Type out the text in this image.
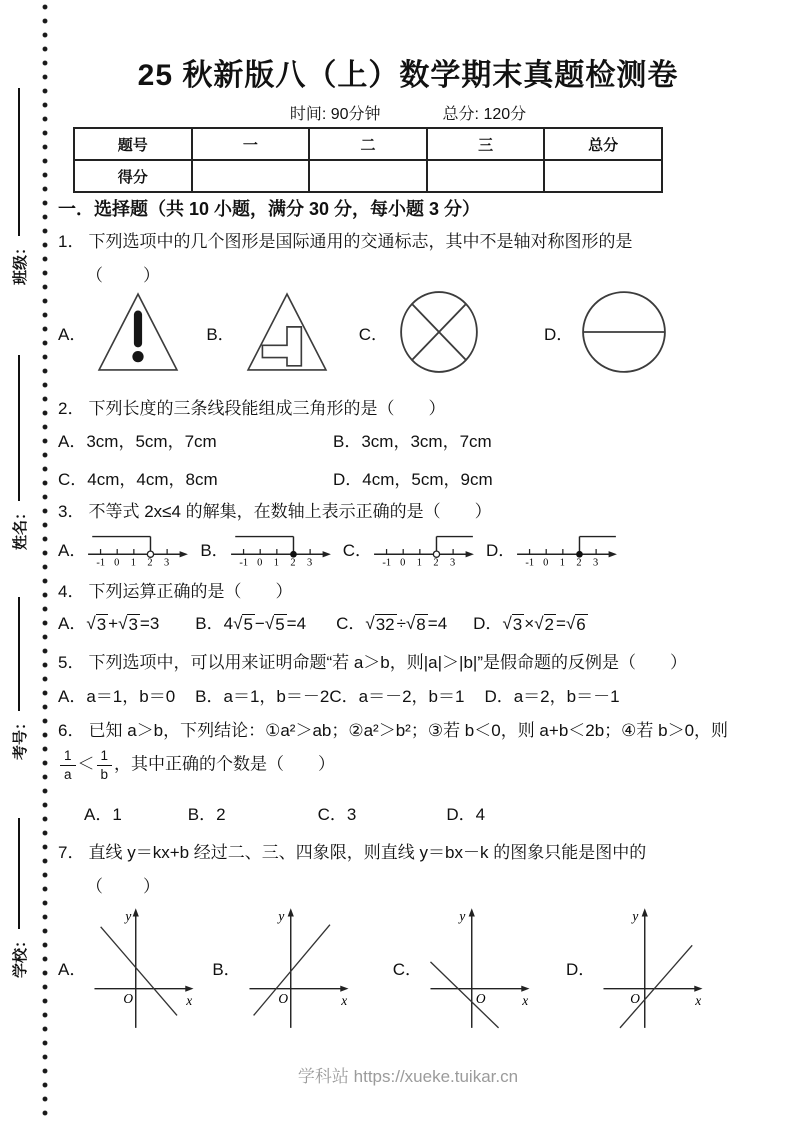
班级：
姓名：
考号：
学校：
25 秋新版八（上）数学期末真题检测卷
时间: 90分钟	总分: 120分
题号	一	二	三	总分
得分				
一．选择题（共 10 小题，满分 30 分，每小题 3 分）
1． 下列选项中的几个图形是国际通用的交通标志，其中不是轴对称图形的是
（　　）
A．	B．	C．	D．
2． 下列长度的三条线段能组成三角形的是（　　）
A．3cm，5cm，7cm	B．3cm，3cm，7cm
C．4cm，4cm，8cm	D．4cm，5cm，9cm
3． 不等式 2x≤4 的解集，在数轴上表示正确的是（　　）
A．
-1 0 1 2 3
B．
-1 0 1 2 3
C．
-1 0 1 2 3
D．
-1 0 1 2 3
4． 下列运算正确的是（　　）
A． √ 3 + √ 3 =3 B．4 √ 5 − √ 5 =4 C． √ 32 ÷ √ 8 =4 D． √ 3 × √ 2 = √ 6
5． 下列选项中，可以用来证明命题“若 a＞b，则|a|＞|b|”是假命题的反例是（　　）
A．a＝1，b＝0 B．a＝1，b＝－2 C．a＝－2，b＝1 D．a＝2，b＝－1
6． 已知 a＞b，下列结论：①a²＞ab；②a²＞b²；③若 b＜0，则 a+b＜2b；④若 b＞0，则
$\frac{1}{a} < \frac{1}{b}$ ，其中正确的个数是（　　）
A．1	B．2	C．3	D．4
7． 直线 y＝kx+b 经过二、三、四象限，则直线 y＝bx－k 的图象只能是图中的
（　　）
A．
y
x
O
B．
y
x
O
C．
y
x
O
D．
y
x
O
学科站 https://xueke.tuikar.cn
